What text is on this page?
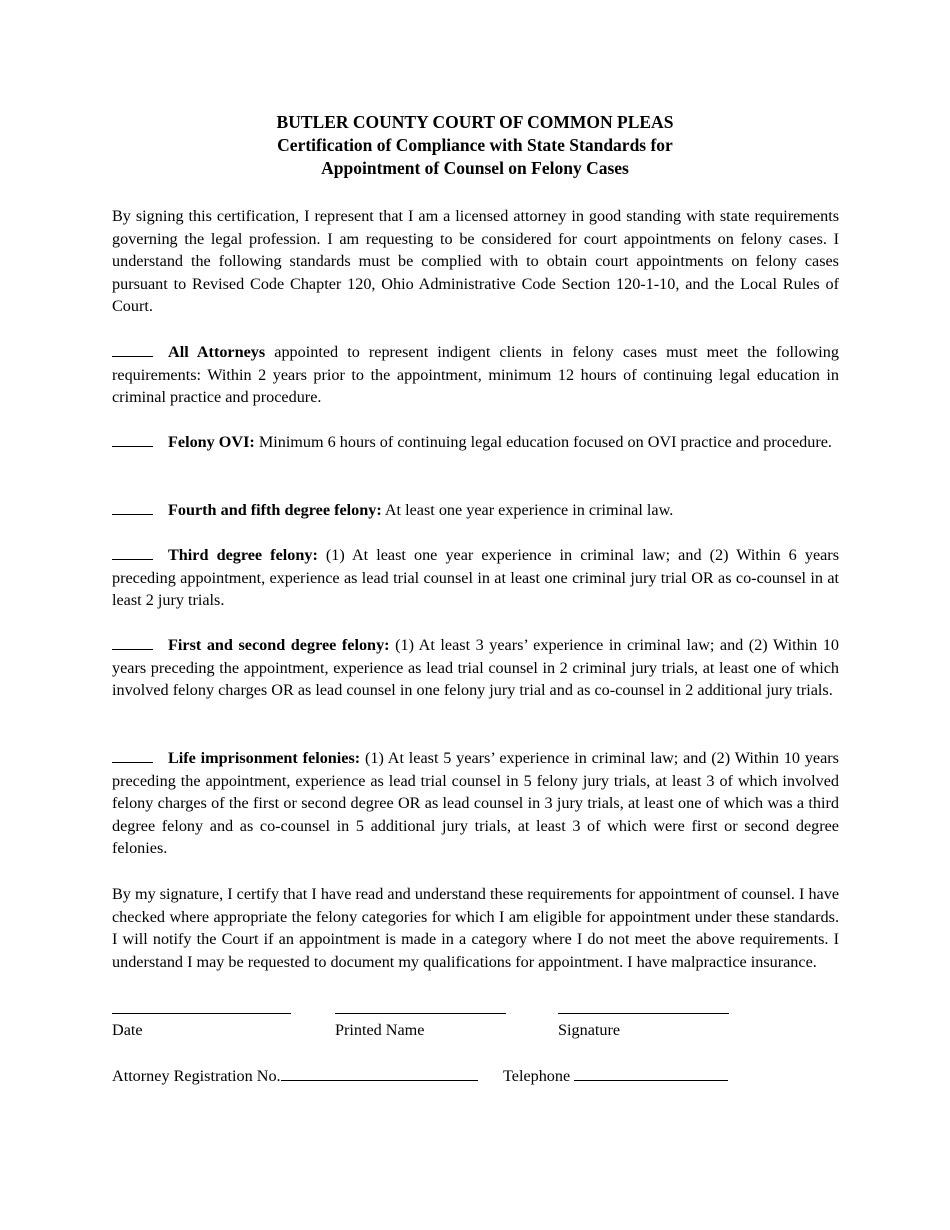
BUTLER COUNTY COURT OF COMMON PLEAS
Certification of Compliance with State Standards for
Appointment of Counsel on Felony Cases

By signing this certification, I represent that I am a licensed attorney in good standing with state requirements governing the legal profession. I am requesting to be considered for court appointments on felony cases. I understand the following standards must be complied with to obtain court appointments on felony cases pursuant to Revised Code Chapter 120, Ohio Administrative Code Section 120-1-10, and the Local Rules of Court.

All Attorneys appointed to represent indigent clients in felony cases must meet the following requirements: Within 2 years prior to the appointment, minimum 12 hours of continuing legal education in criminal practice and procedure.

Felony OVI: Minimum 6 hours of continuing legal education focused on OVI practice and procedure.

Fourth and fifth degree felony: At least one year experience in criminal law.

Third degree felony: (1) At least one year experience in criminal law; and (2) Within 6 years preceding appointment, experience as lead trial counsel in at least one criminal jury trial OR as co-counsel in at least 2 jury trials.

First and second degree felony: (1) At least 3 years’ experience in criminal law; and (2) Within 10 years preceding the appointment, experience as lead trial counsel in 2 criminal jury trials, at least one of which involved felony charges OR as lead counsel in one felony jury trial and as co-counsel in 2 additional jury trials.

Life imprisonment felonies: (1) At least 5 years’ experience in criminal law; and (2) Within 10 years preceding the appointment, experience as lead trial counsel in 5 felony jury trials, at least 3 of which involved felony charges of the first or second degree OR as lead counsel in 3 jury trials, at least one of which was a third degree felony and as co-counsel in 5 additional jury trials, at least 3 of which were first or second degree felonies.

By my signature, I certify that I have read and understand these requirements for appointment of counsel. I have checked where appropriate the felony categories for which I am eligible for appointment under these standards. I will notify the Court if an appointment is made in a category where I do not meet the above requirements. I understand I may be requested to document my qualifications for appointment. I have malpractice insurance.

Date	Printed Name	Signature
Attorney Registration No.	Telephone
